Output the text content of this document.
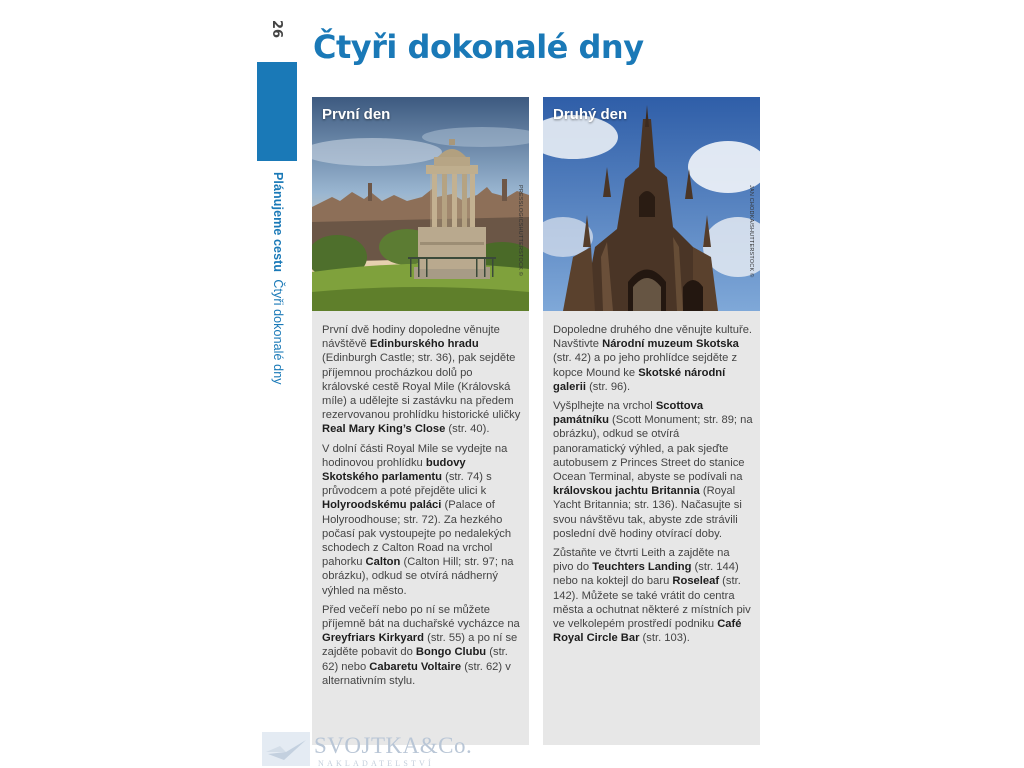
26
Plánujeme cestu  Čtyři dokonalé dny
Čtyři dokonalé dny
První den
PRESSLOGICSHUTTERSTOCK ©

První dvě hodiny dopoledne věnujte návštěvě Edinburského hradu (Edinburgh Castle; str. 36), pak sejděte příjemnou procházkou dolů po královské cestě Royal Mile (Královská míle) a udělejte si zastávku na předem rezervovanou prohlídku historické uličky Real Mary King’s Close (str. 40).

V dolní části Royal Mile se vydejte na hodinovou prohlídku budovy Skotského parlamentu (str. 74) s průvodcem a poté přejděte ulici k Holyroodskému paláci (Palace of Holyroodhouse; str. 72). Za hezkého počasí pak vystoupejte po nedalekých schodech z Calton Road na vrchol pahorku Calton (Calton Hill; str. 97; na obrázku), odkud se otvírá nádherný výhled na město.

Před večeří nebo po ní se můžete příjemně bát na duchařské vycházce na Greyfriars Kirkyard (str. 55) a po ní se zajděte pobavit do Bongo Clubu (str. 62) nebo Cabaretu Voltaire (str. 62) v alternativním stylu.

Druhý den
JAN CHODKA/SHUTTERSTOCK ©

Dopoledne druhého dne věnujte kultuře. Navštivte Národní muzeum Skotska (str. 42) a po jeho prohlídce sejděte z kopce Mound ke Skotské národní galerii (str. 96).

Vyšplhejte na vrchol Scottova památníku (Scott Monument; str. 89; na obrázku), odkud se otvírá panoramatický výhled, a pak sjeďte autobusem z Princes Street do stanice Ocean Terminal, abyste se podívali na královskou jachtu Britannia (Royal Yacht Britannia; str. 136). Načasujte si svou návštěvu tak, abyste zde strávili poslední dvě hodiny otvírací doby.

Zůstaňte ve čtvrti Leith a zajděte na pivo do Teuchters Landing (str. 144) nebo na koktejl do baru Roseleaf (str. 142). Můžete se také vrátit do centra města a ochutnat některé z místních piv ve velkolepém prostředí podniku Café Royal Circle Bar (str. 103).

SVOJTKA&Co.
NAKLADATELSTVÍ
